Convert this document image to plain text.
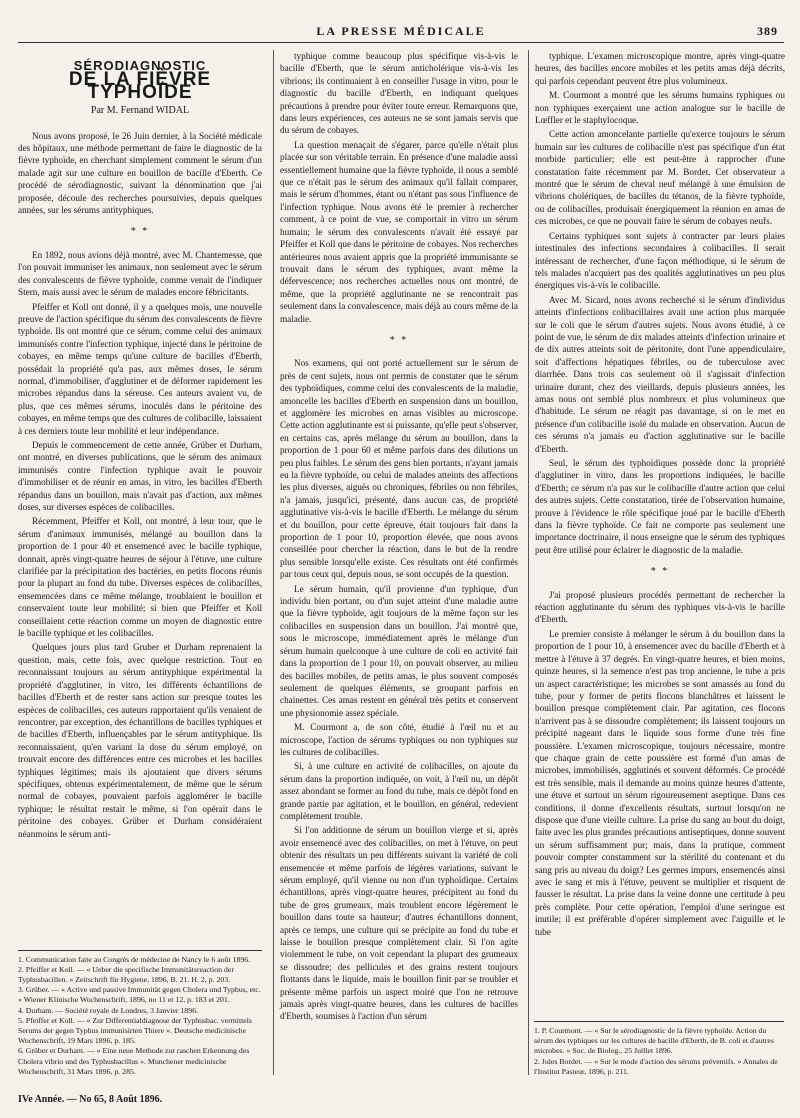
LA PRESSE MÉDICALE	389
SÉRODIAGNOSTIC
DE LA FIÈVRE TYPHOÏDE
Par M. Fernand WIDAL

Nous avons proposé, le 26 Juin dernier, à la Société médicale des hôpitaux, une méthode permettant de faire le diagnostic de la fièvre typhoïde, en cherchant simplement comment le sérum d'un malade agit sur une culture en bouillon de bacille d'Eberth. Ce procédé de sérodiagnostic, suivant la dénomination que j'ai proposée, découle des recherches poursuivies, depuis quelques années, sur les sérums antityphiques.

* *

En 1892, nous avions déjà montré, avec M. Chantemesse, que l'on pouvait immuniser les animaux, non seulement avec le sérum des convalescents de fièvre typhoïde, comme venait de l'indiquer Stern, mais aussi avec le sérum de malades encore fébricitants.

Pfeiffer et Koll ont donné, il y a quelques mois, une nouvelle preuve de l'action spécifique du sérum des convalescents de fièvre typhoïde. Ils ont montré que ce sérum, comme celui des animaux immunisés contre l'infection typhique, injecté dans le péritoine de cobayes, en même temps qu'une culture de bacilles d'Eberth, possédait la propriété qu'a pas, aux mêmes doses, le sérum normal, d'immobiliser, d'agglutiner et de déformer rapidement les microbes répandus dans la séreuse. Ces auteurs avaient vu, de plus, que ces mêmes sérums, inoculés dans le péritoine des cobayes, en même temps que des cultures de colibacille, laissaient à ces derniers toute leur mobilité et leur indépendance.

Depuis le commencement de cette année, Grüber et Durham, ont montré, en diverses publications, que le sérum des animaux immunisés contre l'infection typhique avait le pouvoir d'immobiliser et de réunir en amas, in vitro, les bacilles d'Eberth répandus dans un bouillon, mais n'avait pas d'action, aux mêmes doses, sur diverses espèces de colibacilles.

Récemment, Pfeiffer et Koll, ont montré, à leur tour, que le sérum d'animaux immunisés, mélangé au bouillon dans la proportion de 1 pour 40 et ensemencé avec le bacille typhique, donnait, après vingt-quatre heures de séjour à l'étuve, une culture clarifiée par la précipitation des bactéries, en petits flocons réunis pour la plupart au fond du tube. Diverses espèces de colibacilles, ensemencées dans ce même mélange, troublaient le bouillon et conservaient toute leur mobilité; si bien que Pfeiffer et Koll conseillaient cette réaction comme un moyen de diagnostic entre le bacille typhique et les colibacilles.

Quelques jours plus tard Gruber et Durham reprenaient la question, mais, cette fois, avec quelque restriction. Tout en reconnaissant toujours au sérum antityphique expérimental la propriété d'agglutiner, in vitro, les différents échantillons de bacilles d'Eberth et de rester sans action sur presque toutes les espèces de colibacilles, ces auteurs rapportaient qu'ils venaient de rencontrer, par exception, des échantillons de bacilles typhiques et de bacilles d'Eberth, influençables par le sérum antityphique. Ils reconnaissaient, qu'en variant la dose du sérum employé, on trouvait encore des différences entre ces microbes et les bacilles typhiques légitimes; mais ils ajoutaient que divers sérums spécifiques, obtenus expérimentalement, de même que le sérum normal de cobayes, pouvaient parfois agglomérer le bacille typhique; le résultat restait le même, si l'on opérait dans le péritoine des cobayes. Grüber et Durham considéraient néanmoins le sérum anti-

typhique comme beaucoup plus spécifique vis-à-vis le bacille d'Eberth, que le sérum anticholérique vis-à-vis les vibrions; ils continuaient à en conseiller l'usage in vitro, pour le diagnostic du bacille d'Eberth, en indiquant quelques précautions à prendre pour éviter toute erreur. Remarquons que, dans leurs expériences, ces auteurs ne se sont jamais servis que du sérum de cobayes.

La question menaçait de s'égarer, parce qu'elle n'était plus placée sur son véritable terrain. En présence d'une maladie aussi essentiellement humaine que la fièvre typhoïde, il nous a semblé que ce n'était pas le sérum des animaux qu'il fallait comparer, mais le sérum d'hommes, étant ou n'étant pas sous l'influence de l'infection typhique. Nous avons été le premier à rechercher comment, à ce point de vue, se comportait in vitro un sérum humain; le sérum des convalescents n'avait été essayé par Pfeiffer et Koll que dans le péritoine de cobayes. Nos recherches antérieures nous avaient appris que la propriété immunisante se trouvait dans le sérum des typhiques, avant même la défervescence; nos recherches actuelles nous ont montré, de même, que la propriété agglutinante ne se rencontrait pas seulement dans la convalescence, mais déjà au cours même de la maladie.

* *

Nos examens, qui ont porté actuellement sur le sérum de près de cent sujets, nous ont permis de constater que le sérum des typhoïdiques, comme celui des convalescents de la maladie, amoncelle les bacilles d'Eberth en suspension dans un bouillon, et agglomère les microbes en amas visibles au microscope. Cette action agglutinante est si puissante, qu'elle peut s'observer, en certains cas, après mélange du sérum au bouillon, dans la proportion de 1 pour 60 et même parfois dans des dilutions un peu plus faibles. Le sérum des gens bien portants, n'ayant jamais eu la fièvre typhoïde, ou celui de malades atteints des affections les plus diverses, aiguës ou chroniques, fébriles ou non fébriles, n'a jamais, jusqu'ici, présenté, dans aucun cas, de propriété agglutinative vis-à-vis le bacille d'Eberth. Le mélange du sérum et du bouillon, pour cette épreuve, était toujours fait dans la proportion de 1 pour 10, proportion élevée, que nous avons conseillée pour chercher la réaction, dans le but de la rendre plus sensible lorsqu'elle existe. Ces résultats ont été confirmés par tous ceux qui, depuis nous, se sont occupés de la question.

Le sérum humain, qu'il provienne d'un typhique, d'un individu bien portant, ou d'un sujet atteint d'une maladie autre que la fièvre typhoïde, agit toujours de la même façon sur les colibacilles en suspension dans un bouillon. J'ai montré que, sous le microscope, immédiatement après le mélange d'un sérum humain quelconque à une culture de coli en activité fait dans la proportion de 1 pour 10, on pouvait observer, au milieu des bacilles mobiles, de petits amas, le plus souvent composés seulement de quelques éléments, se groupant parfois en chainettes. Ces amas restent en général très petits et conservent une physionomie assez spéciale.

M. Courmont a, de son côté, étudié à l'œil nu et au microscope, l'action de sérums typhiques ou non typhiques sur les cultures de colibacilles.

Si, à une culture en activité de colibacilles, on ajoute du sérum dans la proportion indiquée, on voit, à l'œil nu, un dépôt assez abondant se former au fond du tube, mais ce dépôt fond en grande partie par agitation, et le bouillon, en général, redevient complètement trouble.

Si l'on additionne de sérum un bouillon vierge et si, après avoir ensemencé avec des colibacilles, on met à l'étuve, on peut obtenir des résultats un peu différents suivant la variété de coli ensemencée et même parfois de légères variations, suivant le sérum employé, qu'il vienne ou non d'un typhoïdique. Certains échantillons, après vingt-quatre heures, précipitent au fond du tube de gros grumeaux, mais troublent encore légèrement le bouillon dans toute sa hauteur; d'autres échantillons donnent, après ce temps, une culture qui se précipite au fond du tube et laisse le bouillon presque complètement clair. Si l'on agite violemment le tube, on voit cependant la plupart des grumeaux se dissoudre; des pellicules et des grains restent toujours flottants dans le liquide, mais le bouillon finit par se troubler et présente même parfois un aspect moiré que l'on ne retrouve jamais après vingt-quatre heures, dans les cultures de bacilles d'Eberth, soumises à l'action d'un sérum

typhique. L'examen microscopique montre, après vingt-quatre heures, des bacilles encore mobiles et les petits amas déjà décrits, qui parfois cependant peuvent être plus volumineux.

M. Courmont a montré que les sérums humains typhiques ou non typhiques exerçaient une action analogue sur le bacille de Lœffler et le staphylocoque.

Cette action amoncelante partielle qu'exerce toujours le sérum humain sur les cultures de colibacille n'est pas spécifique d'un état morbide particulier; elle est peut-être à rapprocher d'une constatation faite récemment par M. Bordet. Cet observateur a montré que le sérum de cheval neuf mélangé à une émulsion de vibrions cholériques, de bacilles du tétanos, de la fièvre typhoïde, ou de colibacilles, produisait énergiquement la réunion en amas de ces microbes, ce que ne pouvait faire le sérum de cobayes neufs.

Certains typhiques sont sujets à contracter par leurs plaies intestinales des infections secondaires à colibacilles. Il serait intéressant de rechercher, d'une façon méthodique, si le sérum de tels malades n'acquiert pas des qualités agglutinatives un peu plus énergiques vis-à-vis le colibacille.

Avec M. Sicard, nous avons recherché si le sérum d'individus atteints d'infections colibacillaires avait une action plus marquée sur le coli que le sérum d'autres sujets. Nous avons étudié, à ce point de vue, le sérum de dix malades atteints d'infection urinaire et de dix autres atteints soit de péritonite, dont l'une appendiculaire, soit d'affections hépatiques fébriles, ou de tuberculose avec diarrhée. Dans trois cas seulement où il s'agissait d'infection urinaire durant, chez des vieillards, depuis plusieurs années, les amas nous ont semblé plus nombreux et plus volumineux que d'habitude. Le sérum ne réagit pas davantage, si on le met en présence d'un colibacille isolé du malade en observation. Aucun de ces sérums n'a jamais eu d'action agglutinative sur le bacille d'Eberth.

Seul, le sérum des typhoïdiques possède donc la propriété d'agglutiner in vitro, dans les proportions indiquées, le bacille d'Eberth; ce sérum n'a pas sur le colibacille d'autre action que celui des autres sujets. Cette constatation, tirée de l'observation humaine, prouve à l'évidence le rôle spécifique joué par le bacille d'Eberth dans la fièvre typhoïde. Ce fait ne comporte pas seulement une importance doctrinaire, il nous enseigne que le sérum des typhiques peut être utilisé pour éclairer le diagnostic de la maladie.

* *

J'ai proposé plusieurs procédés permettant de rechercher la réaction agglutinante du sérum des typhiques vis-à-vis le bacille d'Eberth.

Le premier consiste à mélanger le sérum à du bouillon dans la proportion de 1 pour 10, à ensemencer avec du bacille d'Eberth et à mettre à l'étuve à 37 degrés. En vingt-quatre heures, et bien moins, quinze heures, si la semence n'est pas trop ancienne, le tube a pris un aspect caractéristique; les microbes se sont amassés au fond du tube, pour y former de petits flocons blanchâtres et laissent le bouillon presque complètement clair. Par agitation, ces flocons n'arrivent pas à se dissoudre complètement; ils laissent toujours un précipité nageant dans le liquide sous forme d'une très fine poussière. L'examen microscopique, toujours nécessaire, montre que chaque grain de cette poussière est formé d'un amas de microbes, immobilisés, agglutinés et souvent déformés. Ce procédé est très sensible, mais il demande au moins quinze heures d'attente, une étuve et surtout un sérum rigoureusement aseptique. Dans ces conditions, il donne d'excellents résultats, surtout lorsqu'on ne dispose que d'une vieille culture. La prise du sang au bout du doigt, faite avec les plus grandes précautions antiseptiques, donne souvent un sérum suffisamment pur; mais, dans la pratique, comment pouvoir compter constamment sur la stérilité du contenant et du sang pris au niveau du doigt? Les germes impurs, ensemencés ainsi avec le sang et mis à l'étuve, peuvent se multiplier et risquent de fausser le résultat. La prise dans la veine donne une certitude à peu près complète. Pour cette opération, l'emploi d'une seringue est inutile; il est préférable d'opérer simplement avec l'aiguille et le tube

1. Communication faite au Congrès de médecine de Nancy le 6 août 1896.
2. Pfeiffer et Koll. — « Ueber die specifische Immunitätsreaction der Typhusbacillen. » Zeitschrift für Hygiene, 1896, B. 21. H. 2, p. 203.
3. Grüber. — « Active und passive Immunität gegen Cholera und Typhus, etc. » Wiener Klinische Wochenschrift, 1896, no 11 et 12, p. 183 et 201.
4. Durham. — Société royale de Londres, 3 Janvier 1896.
5. Pfeiffer et Koll. — « Zur Differentialdiagnose der Typhusbac. vermittels Serums der gegen Typhus immunisirten Thiere ». Deutsche medicinische Wochenschrift, 19 Mars 1896, p. 185.
6. Grüber et Durham. — « Eine neue Methode zur raschen Erkennung des Cholera vibrio und des Typhusbacillus ». Munchener medicinische Wochenschrift, 31 Mars 1896, p. 285.
1. P. Courmont. — « Sur le sérodiagnostic de la fièvre typhoïde. Action du sérum des typhiques sur les cultures de bacille d'Eberth, de B. coli et d'autres microbes. » Soc. de Biolog., 25 Juillet 1896.
2. Jules Bordet. — « Sur le mode d'action des sérums préventifs. » Annales de l'Institut Pasteur, 1896, p. 211.
IVe Année. — No 65, 8 Août 1896.
